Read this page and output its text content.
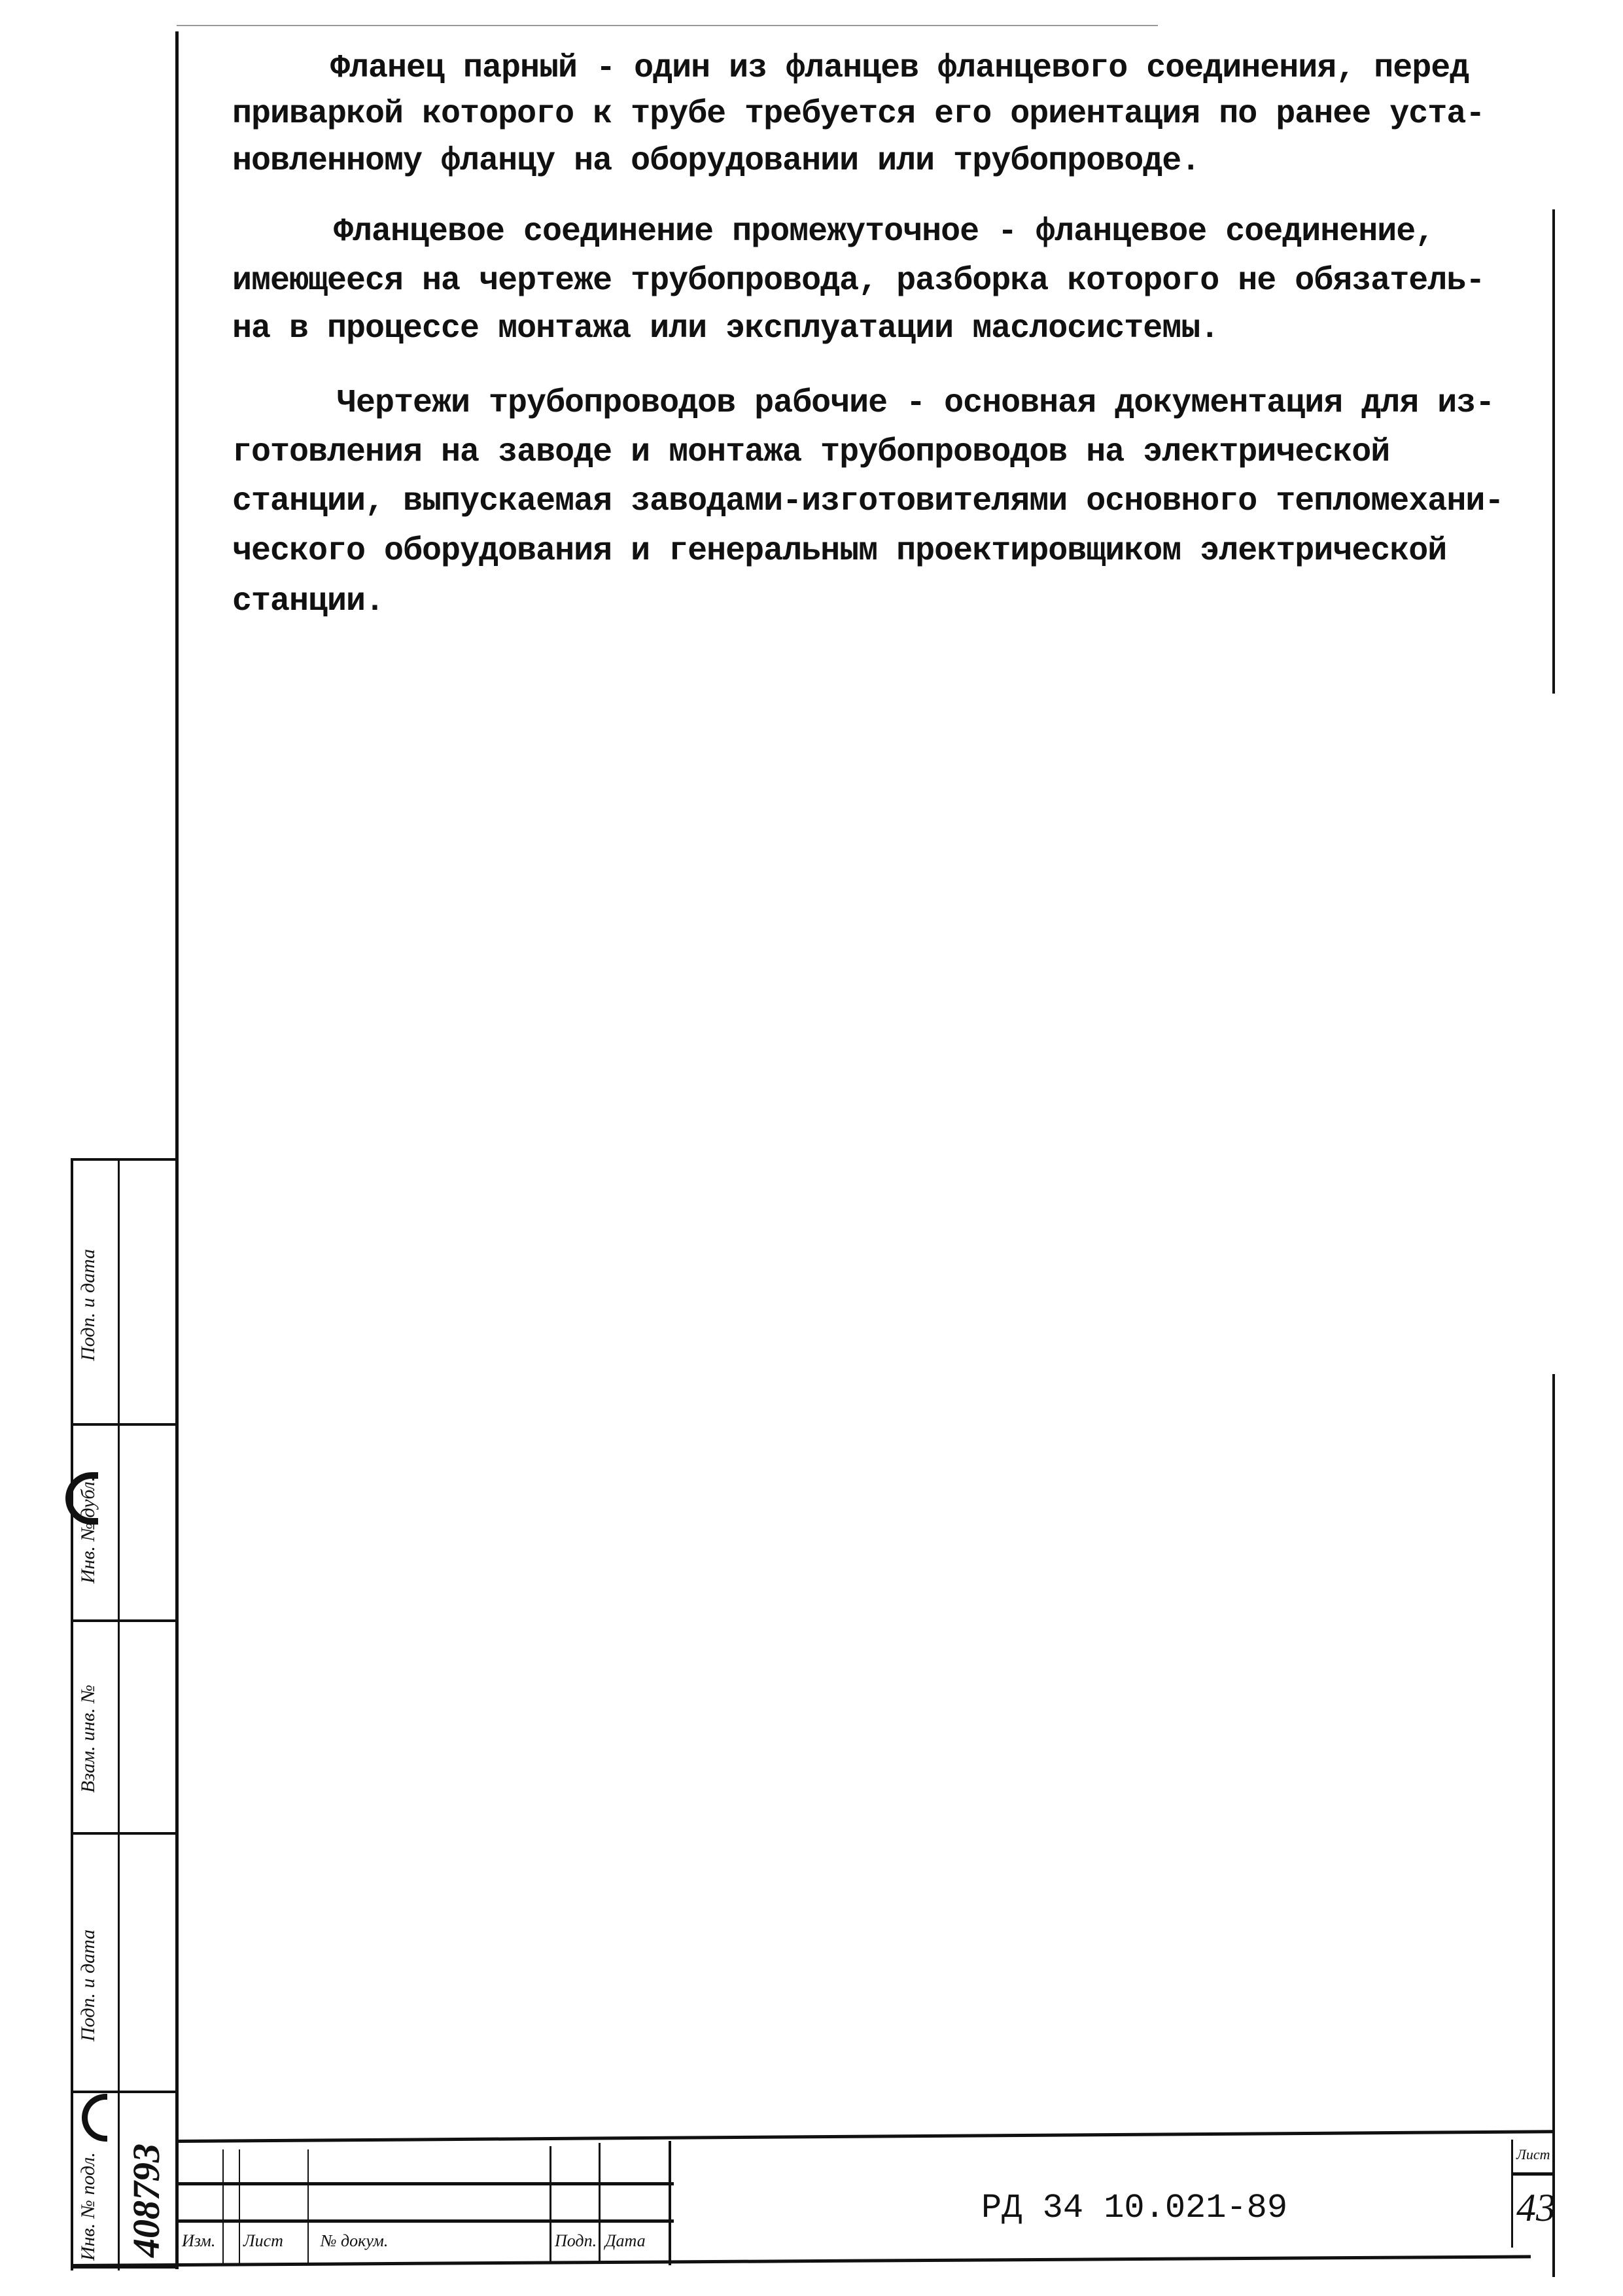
Фланец парный - один из фланцев фланцевого соединения, перед
приваркой которого к трубе требуется его ориентация по ранее уста-
новленному фланцу на оборудовании или трубопроводе.
Фланцевое соединение промежуточное - фланцевое соединение,
имеющееся на чертеже трубопровода, разборка которого не обязатель-
на в процессе монтажа или эксплуатации маслосистемы.
Чертежи трубопроводов рабочие - основная документация для из-
готовления на заводе и монтажа трубопроводов на электрической
станции, выпускаемая заводами-изготовителями основного тепломехани-
ческого оборудования и генеральным проектировщиком электрической
станции.
Подп. и дата
Инв. № дубл.
Взам. инв. №
Подп. и дата
Инв. № подл. 408793 Изм. Лист № докум.	Подп. Дата
РД 34 10.021-89
Лист
43
